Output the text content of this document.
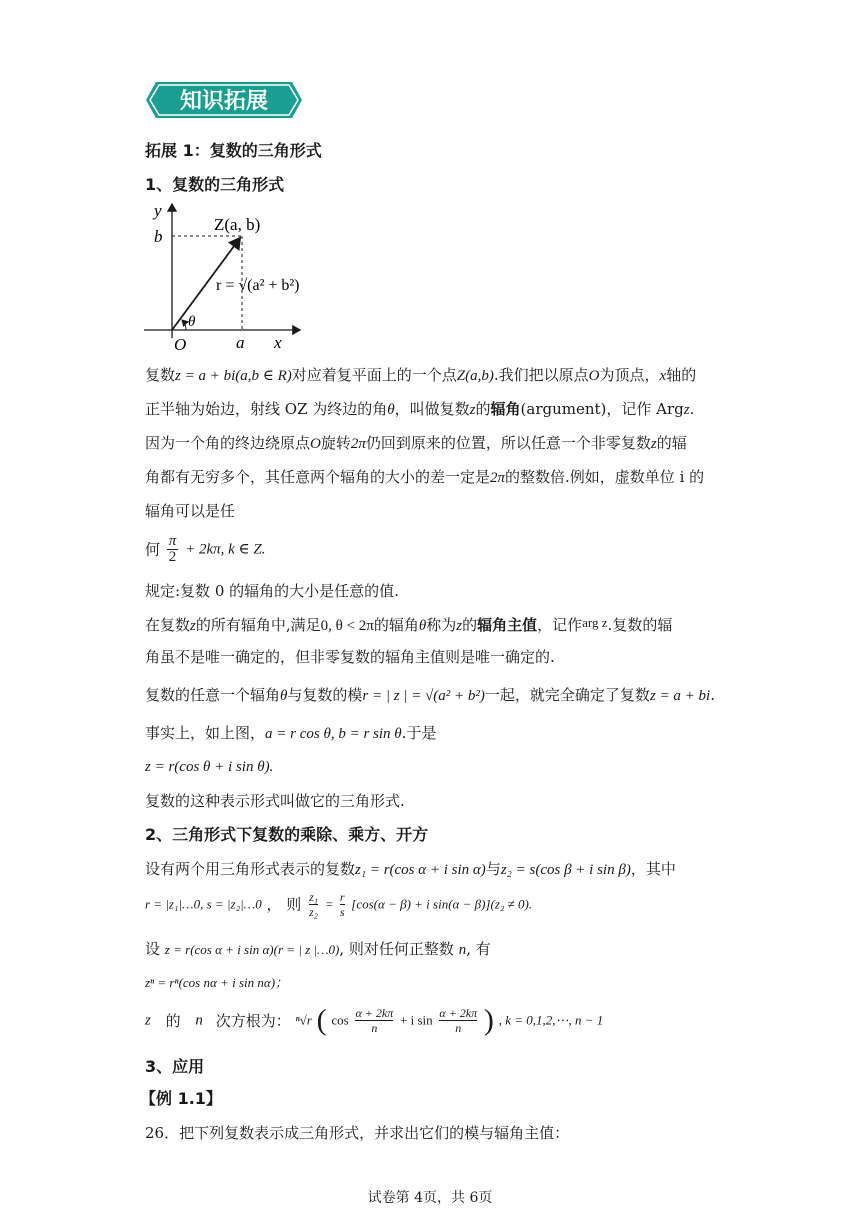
知识拓展
拓展 1：复数的三角形式
1、复数的三角形式
y
b
Z(a, b)
r = √(a² + b²)
θ
O	a x
复数z = a + bi(a,b ∈ R)对应着复平面上的一个点Z(a,b).我们把以原点O为顶点，x轴的
正半轴为始边，射线 OZ 为终边的角θ，叫做复数z的辐角(argument)，记作 Argz.
因为一个角的终边绕原点O旋转2π仍回到原来的位置，所以任意一个非零复数z的辐
角都有无穷多个，其任意两个辐角的大小的差一定是2π的整数倍.例如，虚数单位 i 的
辐角可以是任
何 $\frac{\pi}{2} + 2k\pi$, k ∈ Z.
规定:复数 0 的辐角的大小是任意的值.
在复数z的所有辐角中,满足0, θ < 2π的辐角θ称为z的辐角主值，记作arg z.复数的辐
角虽不是唯一确定的，但非零复数的辐角主值则是唯一确定的.
复数的任意一个辐角θ与复数的模r = | z | = √(a² + b²)一起，就完全确定了复数z = a + bi.
事实上，如上图，a = r cos θ, b = r sin θ.于是
z = r(cos θ + i sin θ).
复数的这种表示形式叫做它的三角形式.
2、三角形式下复数的乘除、乘方、开方
设有两个用三角形式表示的复数z₁ = r(cos α + i sin α)与z₂ = s(cos β + i sin β)，其中
r = |z₁|…0, s = |z₂|…0 ， 则 $\frac{\text{z₁}}{\text{z₂}} = \frac{r}{s} [\cos(\alpha - \beta) + i$ sin(α − β)](z₂ ≠ 0).
设 z = r(cos α + i sin α)(r = | z |…0), 则对任何正整数 n, 有
zⁿ = rⁿ(cos nα + i sin nα)；
z 的 n 次方根为： ⁿ√r ( $\cos \frac{\alpha + 2k\pi}{n} + i$ $\sin \frac{\alpha + 2k\pi}{n}$ ) , k = 0,1,2,⋯, n − 1
3、应用
【例 1.1】
26．把下列复数表示成三角形式，并求出它们的模与辐角主值：
试卷第 4页，共 6页
